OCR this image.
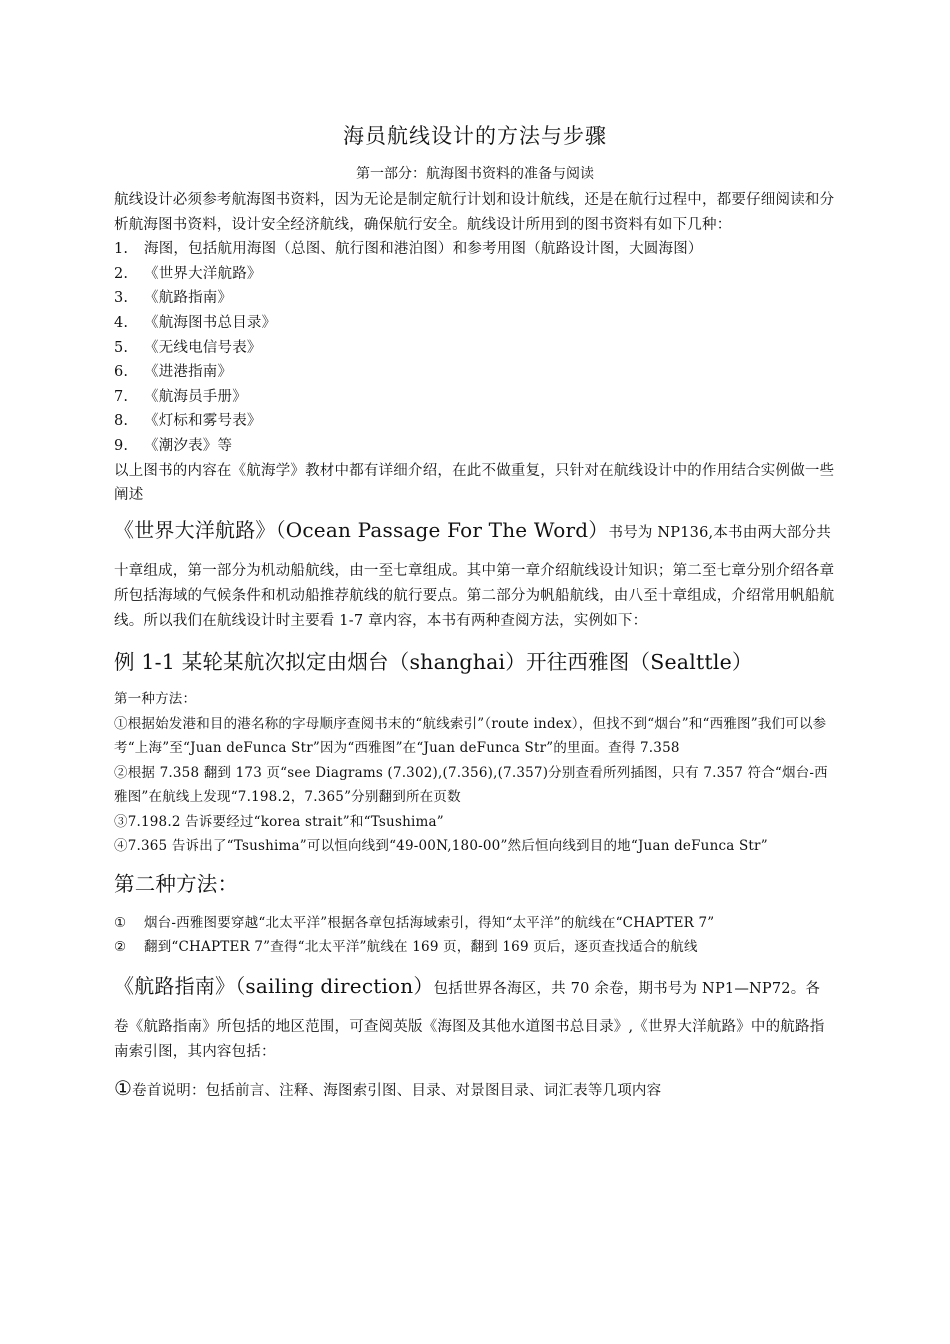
海员航线设计的方法与步骤
第一部分：航海图书资料的准备与阅读

航线设计必须参考航海图书资料，因为无论是制定航行计划和设计航线，还是在航行过程中，都要仔细阅读和分析航海图书资料，设计安全经济航线，确保航行安全。航线设计所用到的图书资料有如下几种：

1. 海图，包括航用海图（总图、航行图和港泊图）和参考用图（航路设计图，大圆海图）
2. 《世界大洋航路》
3. 《航路指南》
4. 《航海图书总目录》
5. 《无线电信号表》
6. 《进港指南》
7. 《航海员手册》
8. 《灯标和雾号表》
9. 《潮汐表》等

以上图书的内容在《航海学》教材中都有详细介绍，在此不做重复，只针对在航线设计中的作用结合实例做一些阐述

《世界大洋航路》（Ocean Passage For The Word）书号为 NP136,本书由两大部分共

十章组成，第一部分为机动船航线，由一至七章组成。其中第一章介绍航线设计知识；第二至七章分别介绍各章所包括海域的气候条件和机动船推荐航线的航行要点。第二部分为帆船航线，由八至十章组成，介绍常用帆船航线。所以我们在航线设计时主要看 1-7 章内容，本书有两种查阅方法，实例如下：

例 1-1 某轮某航次拟定由烟台（shanghai）开往西雅图（Sealttle）
第一种方法：
①根据始发港和目的港名称的字母顺序查阅书末的“航线索引”（route index），但找不到“烟台”和“西雅图”我们可以参考“上海”至“Juan deFunca Str”因为“西雅图”在“Juan deFunca Str”的里面。查得 7.358
②根据 7.358 翻到 173 页“see Diagrams (7.302),(7.356),(7.357)分别查看所列插图，只有 7.357 符合“烟台-西雅图”在航线上发现“7.198.2，7.365”分别翻到所在页数
③7.198.2 告诉要经过“korea strait”和“Tsushima”
④7.365 告诉出了“Tsushima”可以恒向线到“49-00N,180-00”然后恒向线到目的地“Juan deFunca Str”
第二种方法：
① 烟台-西雅图要穿越“北太平洋”根据各章包括海域索引，得知“太平洋”的航线在“CHAPTER 7”
② 翻到“CHAPTER 7”查得“北太平洋”航线在 169 页，翻到 169 页后，逐页查找适合的航线
《航路指南》（sailing direction）包括世界各海区，共 70 余卷，期书号为 NP1—NP72。各

卷《航路指南》所包括的地区范围，可查阅英版《海图及其他水道图书总目录》,《世界大洋航路》中的航路指南索引图，其内容包括：

①卷首说明：包括前言、注释、海图索引图、目录、对景图目录、词汇表等几项内容
